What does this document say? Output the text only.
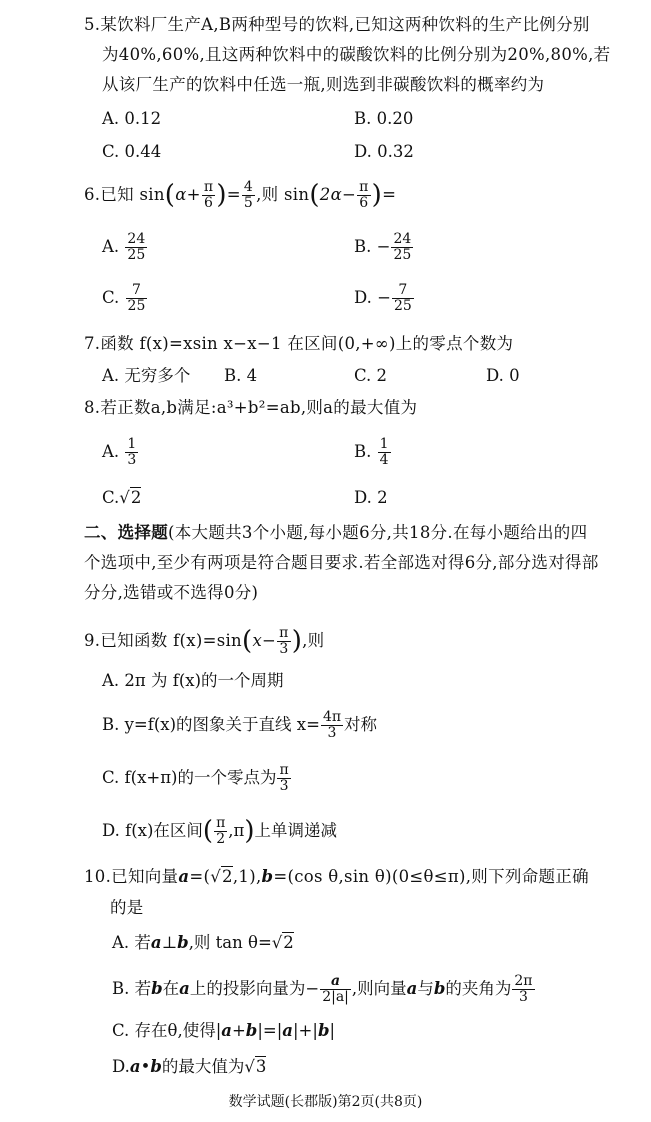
5.某饮料厂生产A,B两种型号的饮料,已知这两种饮料的生产比例分别
为40%,60%,且这两种饮料中的碳酸饮料的比例分别为20%,80%,若
从该厂生产的饮料中任选一瓶,则选到非碳酸饮料的概率约为
A. 0.12	B. 0.20
C. 0.44	D. 0.32
6.已知 $\sin(\alpha+ \frac{\pi}{6}$ )= $\frac{4}{5}$ ,则 $\sin(2\alpha- \frac{\pi}{6}$ )=
A. $\frac{24}{25}$	B. − $\frac{24}{25}$
C. $\frac{7}{25}$	D. − $\frac{7}{25}$
7.函数 f(x)=xsin x−x−1 在区间(0,+∞)上的零点个数为
A. 无穷多个 B. 4	C. 2	D. 0
8.若正数a,b满足:a³+b²=ab,则a的最大值为
A. $\frac{1}{3}$	B. $\frac{1}{4}$
C.√2	D. 2
二、选择题(本大题共3个小题,每小题6分,共18分.在每小题给出的四
个选项中,至少有两项是符合题目要求.若全部选对得6分,部分选对得部
分分,选错或不选得0分)
9.已知函数 $f(x)=\sin(x- \frac{\pi}{3}$ ),则
A. 2π 为 f(x)的一个周期
B. y=f(x)的图象关于直线 $x= \frac{4\pi}{3}$ 对称
C. f(x+π)的一个零点为 $\frac{\pi}{3}$
D. f(x)在区间( $\frac{\pi}{2} ,\pi$)上单调递减
10.已知向量a=(√2,1),b=(cos θ,sin θ)(0≤θ≤π),则下列命题正确
的是
A. 若a⊥b,则 tan θ=√2
B. 若b在a上的投影向量为− $\frac{a}{2|a|}$ ,则向量a与b的夹角为 $\frac{2\pi}{3}$
C. 存在θ,使得|a+b|=|a|+|b|
D.a•b的最大值为√3
数学试题(长郡版)第2页(共8页)
